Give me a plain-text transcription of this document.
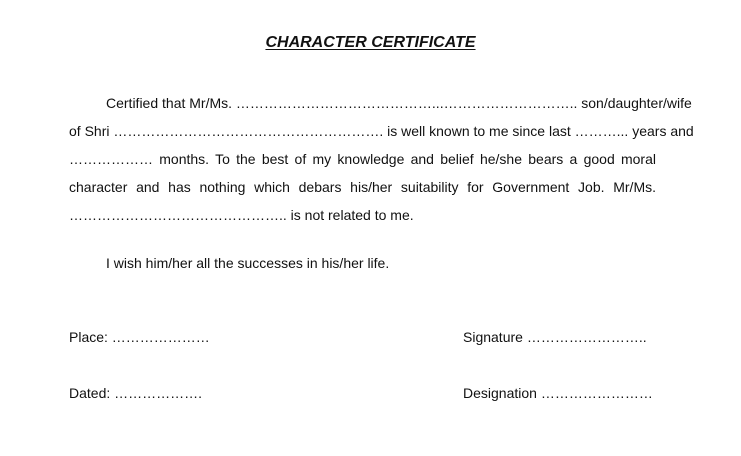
CHARACTER CERTIFICATE
Certified that Mr/Ms. ……………………………………...……………………….. son/daughter/wife
of Shri …………………………………………………. is well known to me since last ………... years and
……………… months. To the best of my knowledge and belief he/she bears a good moral
character and has nothing which debars his/her suitability for Government Job. Mr/Ms.
……………………………………….. is not related to me.
I wish him/her all the successes in his/her life.
Place: …………………
Dated: ……………….
Signature ……………………..
Designation ……………………
